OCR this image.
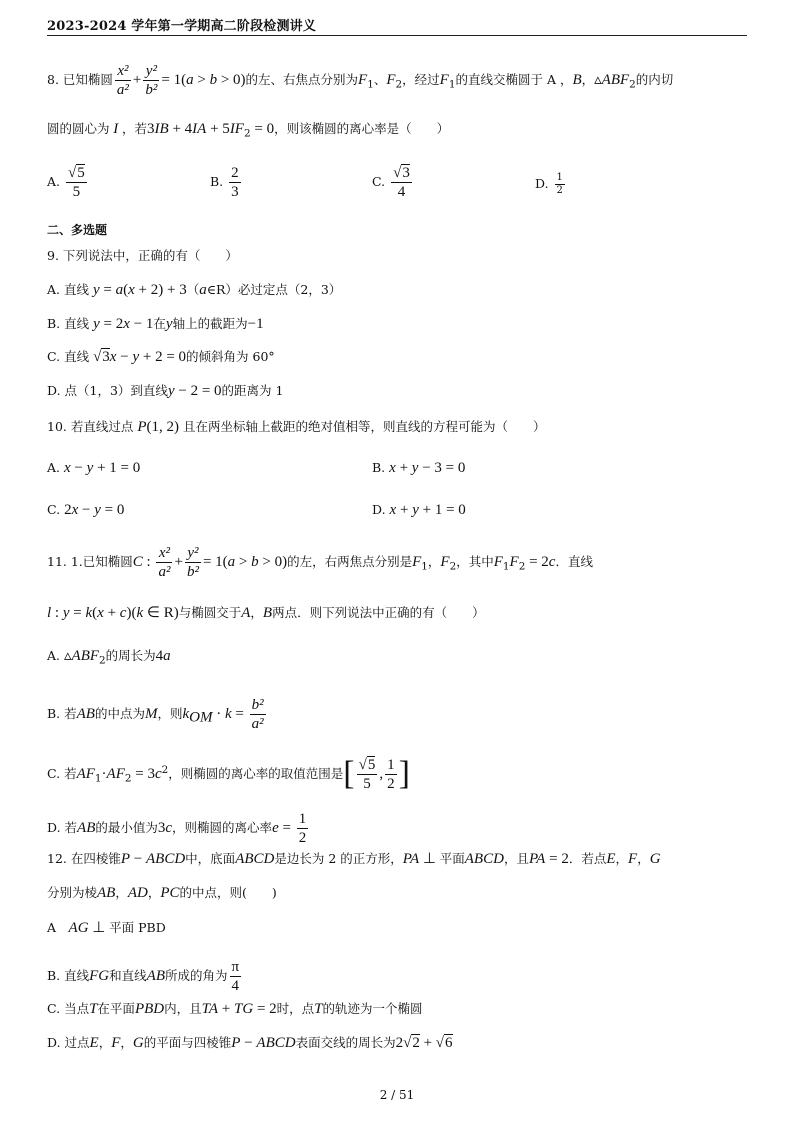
2023-2024 学年第一学期高二阶段检测讲义
8. 已知椭圆 $\frac{\text{x²}}{\text{a²}} + \frac{\text{y²}}{\text{b²}} = 1(a > b > 0)$的左、右焦点分别为$F_1$、$F_2$，经过$F_1$的直线交椭圆于 A ，B，$▵ABF_2$的内切
圆的圆心为 I ，若$3IB + 4IA + 5IF_2 = 0$，则该椭圆的离心率是（　　）
A. $\frac{√5}{5}$	B. $\frac{2}{3}$	C. $\frac{√3}{4}$	D. $\frac{1}{2}$
二、多选题
9. 下列说法中，正确的有（　　）
A. 直线 y = a(x + 2) + 3（a∈R）必过定点（2，3）
B. 直线 y = 2x − 1在y轴上的截距为−1
C. 直线 √3x − y + 2 = 0的倾斜角为 60°
D. 点（1，3）到直线y − 2 = 0的距离为 1
10. 若直线过点 P(1, 2) 且在两坐标轴上截距的绝对值相等，则直线的方程可能为（　　）
A. x − y + 1 = 0	B. x + y − 3 = 0
C. 2x − y = 0	D. x + y + 1 = 0
11. 1.已知椭圆C : $\frac{\text{x²}}{\text{a²}} + \frac{\text{y²}}{\text{b²}} = 1(a > b > 0)$的左，右两焦点分别是$F_1$，$F_2$，其中$F_1F_2 = 2c$．直线
l : y = k(x + c)(k ∈ R)与椭圆交于A，B两点．则下列说法中正确的有（　　）
A. $▵ABF_2$的周长为4a
B. 若AB的中点为M，则$k_{OM} \cdot k = \frac{\text{b²}}{\text{a²}}$
C. 若$AF_1\cdot AF_2 = 3c^2$，则椭圆的离心率的取值范围是[ $\frac{√5}{5}$ , $\frac{1}{2}$ ]
D. 若AB的最小值为3c，则椭圆的离心率$e = \frac{1}{2}$
12. 在四棱锥P − ABCD中，底面ABCD是边长为 2 的正方形，PA ⊥ 平面ABCD，且PA = 2．若点E，F，G
分别为棱AB，AD，PC的中点，则(　　)
A　 AG ⊥ 平面 PBD
B. 直线FG和直线AB所成的角为 $\frac{\pi}{4}$
C. 当点T在平面PBD内，且TA + TG = 2时，点T的轨迹为一个椭圆
D. 过点E，F，G的平面与四棱锥P − ABCD表面交线的周长为2√2 + √6
2 / 51
